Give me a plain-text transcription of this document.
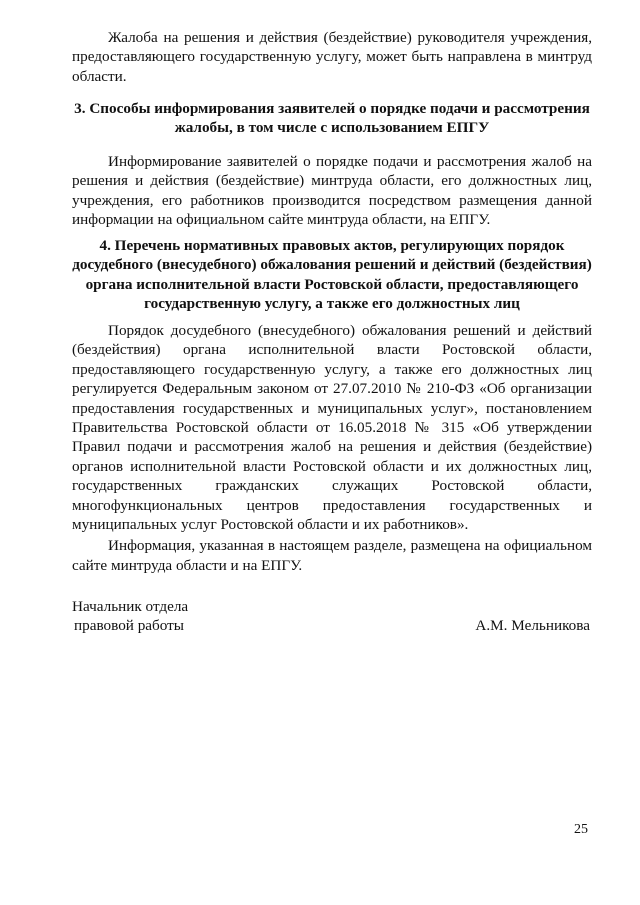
Жалоба на решения и действия (бездействие) руководителя учреждения, предоставляющего государственную услугу, может быть направлена в минтруд области.

3. Способы информирования заявителей о порядке подачи и рассмотрения жалобы, в том числе с использованием ЕПГУ

Информирование заявителей о порядке подачи и рассмотрения жалоб на решения и действия (бездействие) минтруда области, его должностных лиц, учреждения, его работников производится посредством размещения данной информации на официальном сайте минтруда области, на ЕПГУ.

4. Перечень нормативных правовых актов, регулирующих порядок досудебного (внесудебного) обжалования решений и действий (бездействия) органа исполнительной власти Ростовской области, предоставляющего государственную услугу, а также его должностных лиц

Порядок досудебного (внесудебного) обжалования решений и действий (бездействия) органа исполнительной власти Ростовской области, предоставляющего государственную услугу, а также его должностных лиц регулируется Федеральным законом от 27.07.2010 № 210-ФЗ «Об организации предоставления государственных и муниципальных услуг», постановлением Правительства Ростовской области от 16.05.2018 № 315 «Об утверждении Правил подачи и рассмотрения жалоб на решения и действия (бездействие) органов исполнительной власти Ростовской области и их должностных лиц, государственных гражданских служащих Ростовской области, многофункциональных центров предоставления государственных и муниципальных услуг Ростовской области и их работников».

Информация, указанная в настоящем разделе, размещена на официальном сайте минтруда области и на ЕПГУ.

Начальник отдела
правовой работы	А.М. Мельникова
25
